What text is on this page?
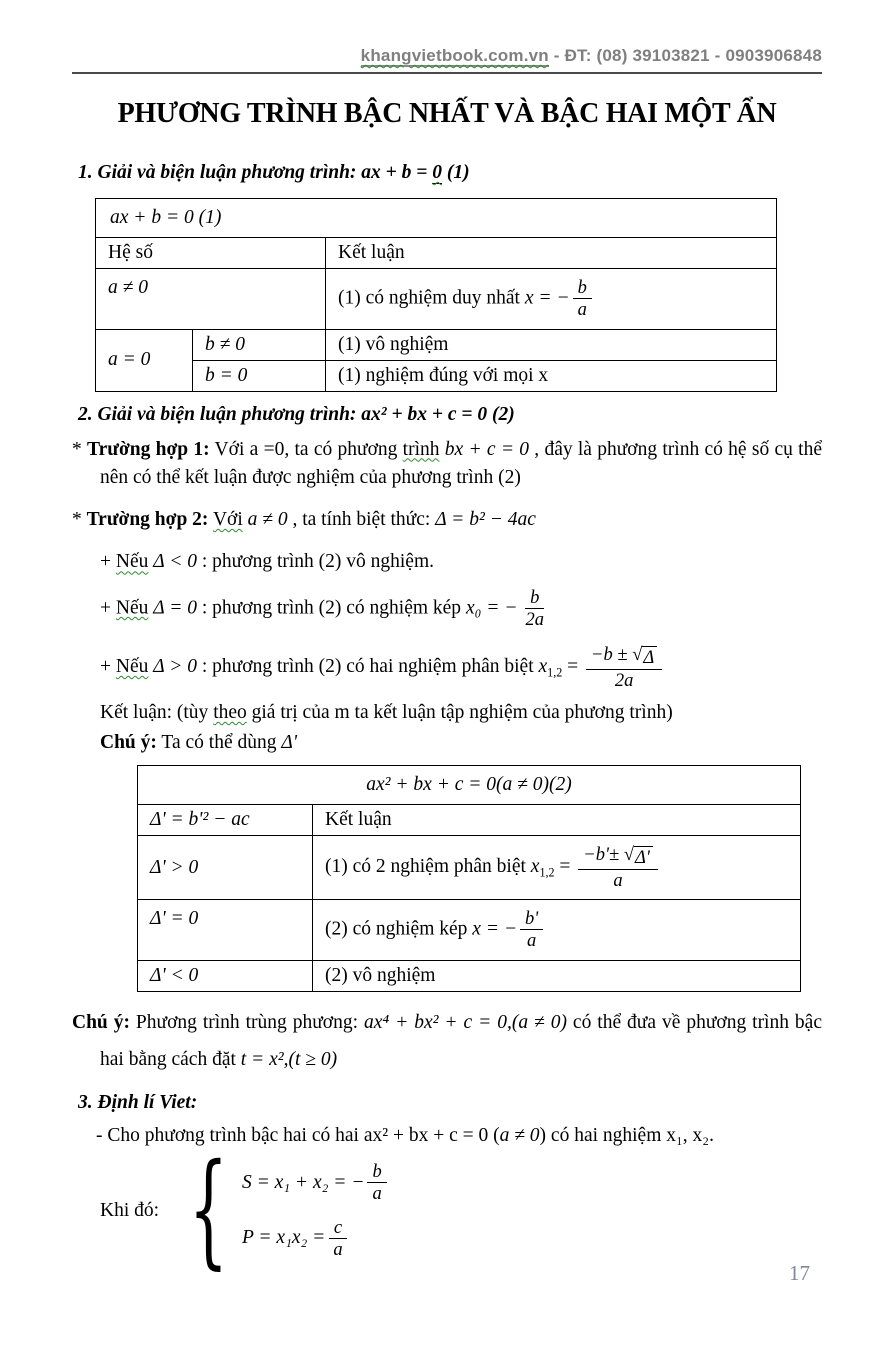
khangvietbook.com.vn - ĐT: (08) 39103821 - 0903906848
PHƯƠNG TRÌNH BẬC NHẤT VÀ BẬC HAI MỘT ẨN
1. Giải và biện luận phương trình: ax + b = 0 (1)
ax + b = 0 (1)		
Hệ số		Kết luận
a ≠ 0		(1) có nghiệm duy nhất x = − $\frac{b}{a}$

a = 0	b ≠ 0	(1) vô nghiệm
	b = 0	(1) nghiệm đúng với mọi x
2. Giải và biện luận phương trình: ax² + bx + c = 0 (2)
* Trường hợp 1: Với a =0, ta có phương trình bx + c = 0 , đây là phương trình có hệ số cụ thể nên có thể kết luận được nghiệm của phương trình (2)
* Trường hợp 2: Với a ≠ 0 , ta tính biệt thức: Δ = b² − 4ac
+ Nếu Δ < 0 : phương trình (2) vô nghiệm.
+ Nếu Δ = 0 : phương trình (2) có nghiệm kép x₀ = − $\frac{b}{2a}$
+ Nếu Δ > 0 : phương trình (2) có hai nghiệm phân biệt $x_{1,2} = \frac{-b \pm √ \Delta}{2a}$
Kết luận: (tùy theo giá trị của m ta kết luận tập nghiệm của phương trình)
Chú ý: Ta có thể dùng Δ'
ax² + bx + c = 0(a ≠ 0)(2)	
Δ' = b'² − ac	Kết luận
Δ' > 0	(1) có 2 nghiệm phân biệt $x_{1,2} = \frac{-b'\pm √ \Delta'}{a}$

Δ' = 0	(2) có nghiệm kép x = − $\frac{b'}{a}$

Δ' < 0	(2) vô nghiệm
Chú ý: Phương trình trùng phương: ax⁴ + bx² + c = 0,(a ≠ 0) có thể đưa về phương trình bậc hai bằng cách đặt t = x²,(t ≥ 0)
3. Định lí Viet:
- Cho phương trình bậc hai có hai ax² + bx + c = 0 (a ≠ 0) có hai nghiệm x₁, x₂.
Khi đó: { S = x₁ + x₂ = − $\frac{b}{a}$
$P = x_1x_2 = \frac{c}{a}$
17
